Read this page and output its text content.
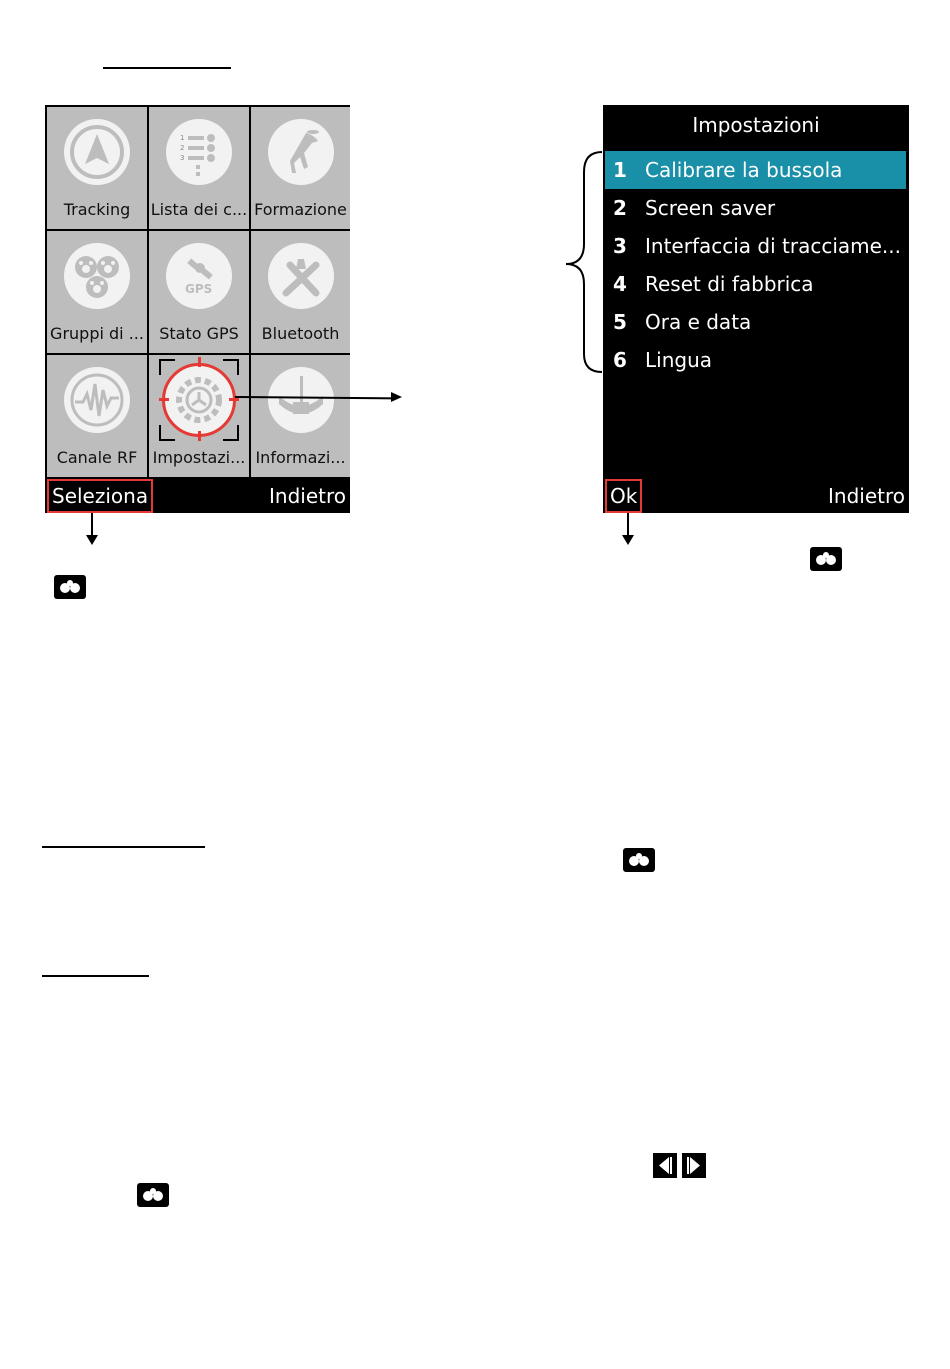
Tracking
1
2
3
Lista dei c... Formazione
Gruppi di ...
GPS
Stato GPS	Bluetooth
Canale RF Impostazi... Informazi...
Seleziona	Indietro
Impostazioni
1 Calibrare la bussola
2 Screen saver
3 Interfaccia di tracciame...
4 Reset di fabbrica
5 Ora e data
6 Lingua
Ok	Indietro
